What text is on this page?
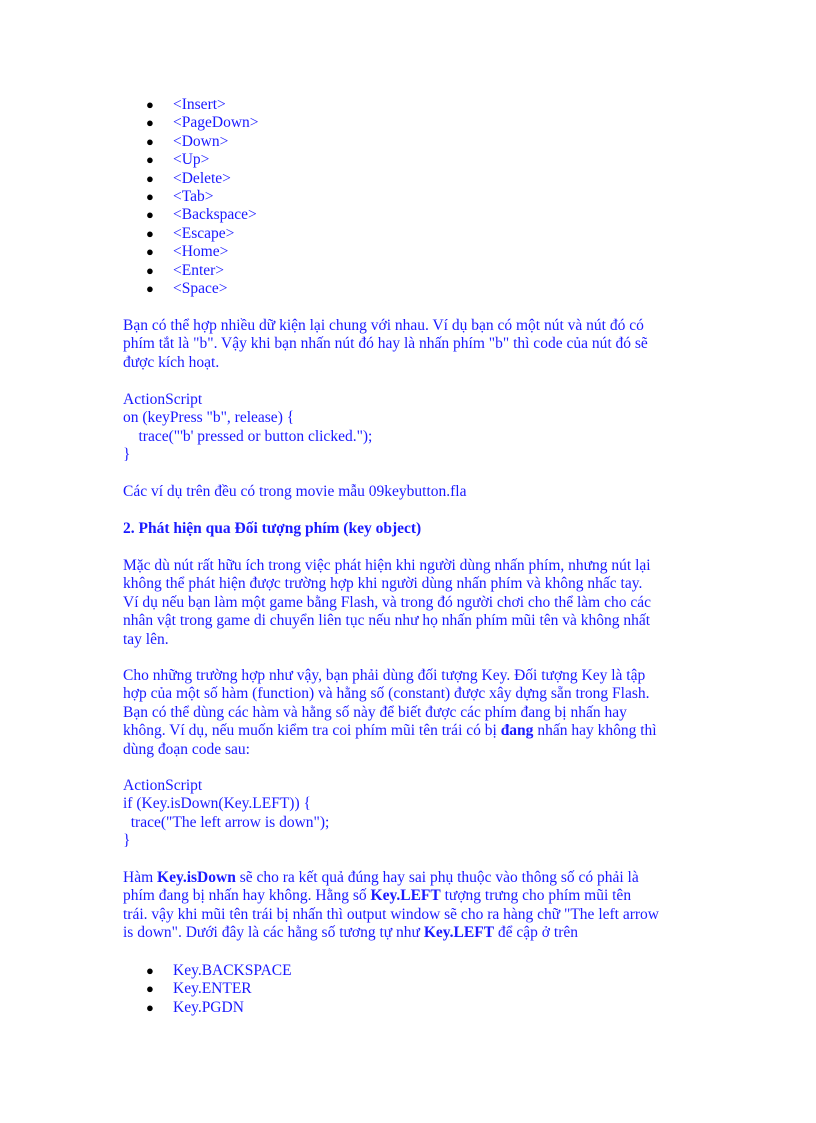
● <Insert>
● <PageDown>
● <Down>
● <Up>
● <Delete>
● <Tab>
● <Backspace>
● <Escape>
● <Home>
● <Enter>
● <Space>
Bạn có thể hợp nhiều dữ kiện lại chung với nhau. Ví dụ bạn có một nút và nút đó có
phím tắt là "b". Vậy khi bạn nhấn nút đó hay là nhấn phím "b" thì code của nút đó sẽ
được kích hoạt.
ActionScript
on (keyPress "b", release) {
trace("'b' pressed or button clicked.");
}
Các ví dụ trên đều có trong movie mẫu 09keybutton.fla
2. Phát hiện qua Đối tượng phím (key object)
Mặc dù nút rất hữu ích trong việc phát hiện khi người dùng nhấn phím, nhưng nút lại
không thể phát hiện được trường hợp khi người dùng nhấn phím và không nhấc tay.
Ví dụ nếu bạn làm một game bằng Flash, và trong đó người chơi cho thể làm cho các
nhân vật trong game di chuyển liên tục nếu như họ nhấn phím mũi tên và không nhất
tay lên.
Cho những trường hợp như vậy, bạn phải dùng đối tượng Key. Đối tượng Key là tập
hợp của một số hàm (function) và hằng số (constant) được xây dựng sẵn trong Flash.
Bạn có thể dùng các hàm và hằng số này để biết được các phím đang bị nhấn hay
không. Ví dụ, nếu muốn kiểm tra coi phím mũi tên trái có bị đang nhấn hay không thì
dùng đoạn code sau:
ActionScript
if (Key.isDown(Key.LEFT)) {
trace("The left arrow is down");
}
Hàm Key.isDown sẽ cho ra kết quả đúng hay sai phụ thuộc vào thông số có phải là
phím đang bị nhấn hay không. Hằng số Key.LEFT tượng trưng cho phím mũi tên
trái. vậy khi mũi tên trái bị nhấn thì output window sẽ cho ra hàng chữ "The left arrow
is down". Dưới đây là các hằng số tương tự như Key.LEFT để cập ở trên
● Key.BACKSPACE
● Key.ENTER
● Key.PGDN
